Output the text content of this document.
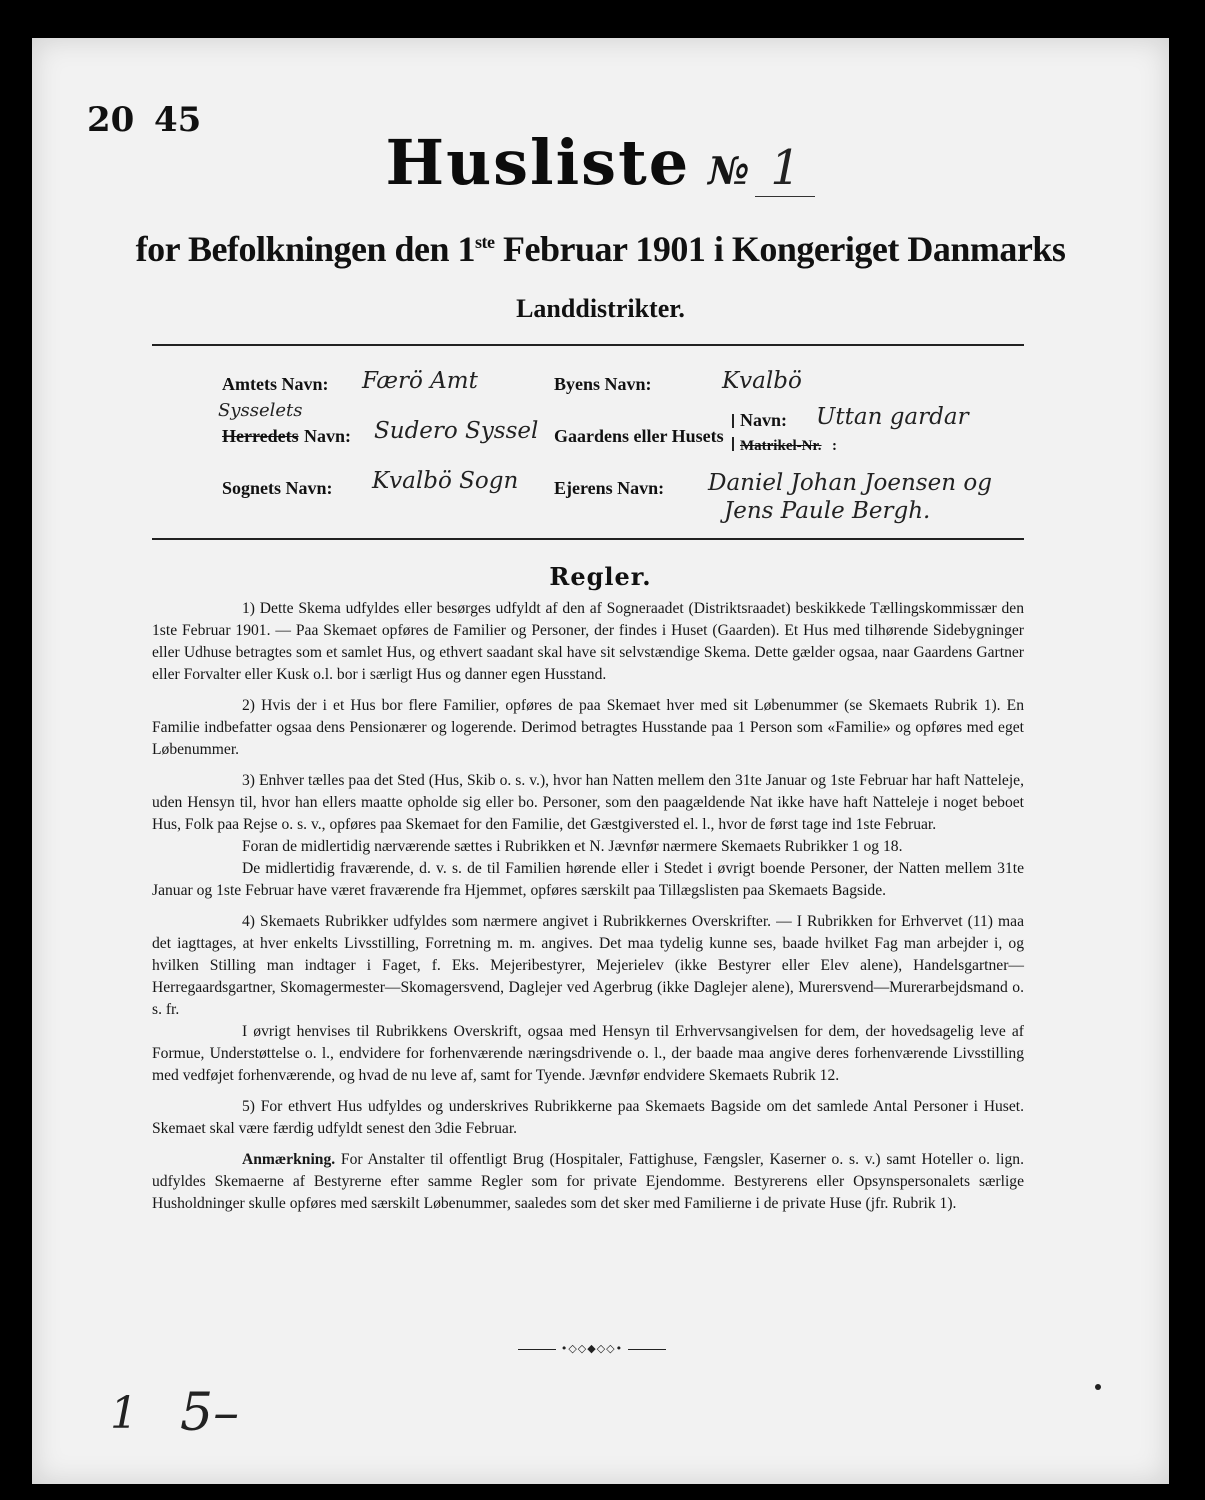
20 45
Husliste № 1
for Befolkningen den 1ste Februar 1901 i Kongeriget Danmarks
Landdistrikter.
Amtets Navn: Færö Amt	Byens Navn:	Kvalbö
Sysselets
Herredets Navn: Sudero Syssel Gaardens eller Husets
Navn: Uttan gardar
Matrikel-Nr. :
Sognets Navn: Kvalbö Sogn Ejerens Navn: Daniel Johan Joensen og
Jens Paule Bergh.
Regler.

1) Dette Skema udfyldes eller besørges udfyldt af den af Sogneraadet (Distriktsraadet) beskikkede Tællingskommissær den 1ste Februar 1901. — Paa Skemaet opføres de Familier og Personer, der findes i Huset (Gaarden). Et Hus med tilhørende Sidebygninger eller Udhuse betragtes som et samlet Hus, og ethvert saadant skal have sit selvstændige Skema. Dette gælder ogsaa, naar Gaardens Gartner eller Forvalter eller Kusk o.l. bor i særligt Hus og danner egen Husstand.

2) Hvis der i et Hus bor flere Familier, opføres de paa Skemaet hver med sit Løbenummer (se Skemaets Rubrik 1). En Familie indbefatter ogsaa dens Pensionærer og logerende. Derimod betragtes Husstande paa 1 Person som «Familie» og opføres med eget Løbenummer.

3) Enhver tælles paa det Sted (Hus, Skib o. s. v.), hvor han Natten mellem den 31te Januar og 1ste Februar har haft Natteleje, uden Hensyn til, hvor han ellers maatte opholde sig eller bo. Personer, som den paagældende Nat ikke have haft Natteleje i noget beboet Hus, Folk paa Rejse o. s. v., opføres paa Skemaet for den Familie, det Gæstgiversted el. l., hvor de først tage ind 1ste Februar.

Foran de midlertidig nærværende sættes i Rubrikken et N. Jævnfør nærmere Skemaets Rubrikker 1 og 18.

De midlertidig fraværende, d. v. s. de til Familien hørende eller i Stedet i øvrigt boende Personer, der Natten mellem 31te Januar og 1ste Februar have været fraværende fra Hjemmet, opføres særskilt paa Tillægslisten paa Skemaets Bagside.

4) Skemaets Rubrikker udfyldes som nærmere angivet i Rubrikkernes Overskrifter. — I Rubrikken for Erhvervet (11) maa det iagttages, at hver enkelts Livsstilling, Forretning m. m. angives. Det maa tydelig kunne ses, baade hvilket Fag man arbejder i, og hvilken Stilling man indtager i Faget, f. Eks. Mejeribestyrer, Mejerielev (ikke Bestyrer eller Elev alene), Handelsgartner—Herregaardsgartner, Skomagermester—Skomagersvend, Daglejer ved Agerbrug (ikke Daglejer alene), Murersvend—Murerarbejdsmand o. s. fr.

I øvrigt henvises til Rubrikkens Overskrift, ogsaa med Hensyn til Erhvervsangivelsen for dem, der hovedsagelig leve af Formue, Understøttelse o. l., endvidere for forhenværende næringsdrivende o. l., der baade maa angive deres forhenværende Livsstilling med vedføjet forhenværende, og hvad de nu leve af, samt for Tyende. Jævnfør endvidere Skemaets Rubrik 12.

5) For ethvert Hus udfyldes og underskrives Rubrikkerne paa Skemaets Bagside om det samlede Antal Personer i Huset. Skemaet skal være færdig udfyldt senest den 3die Februar.

Anmærkning. For Anstalter til offentligt Brug (Hospitaler, Fattighuse, Fængsler, Kaserner o. s. v.) samt Hoteller o. lign. udfyldes Skemaerne af Bestyrerne efter samme Regler som for private Ejendomme. Bestyrerens eller Opsynspersonalets særlige Husholdninger skulle opføres med særskilt Løbenummer, saaledes som det sker med Familierne i de private Huse (jfr. Rubrik 1).

•◇◇◆◇◇•
1 5–
